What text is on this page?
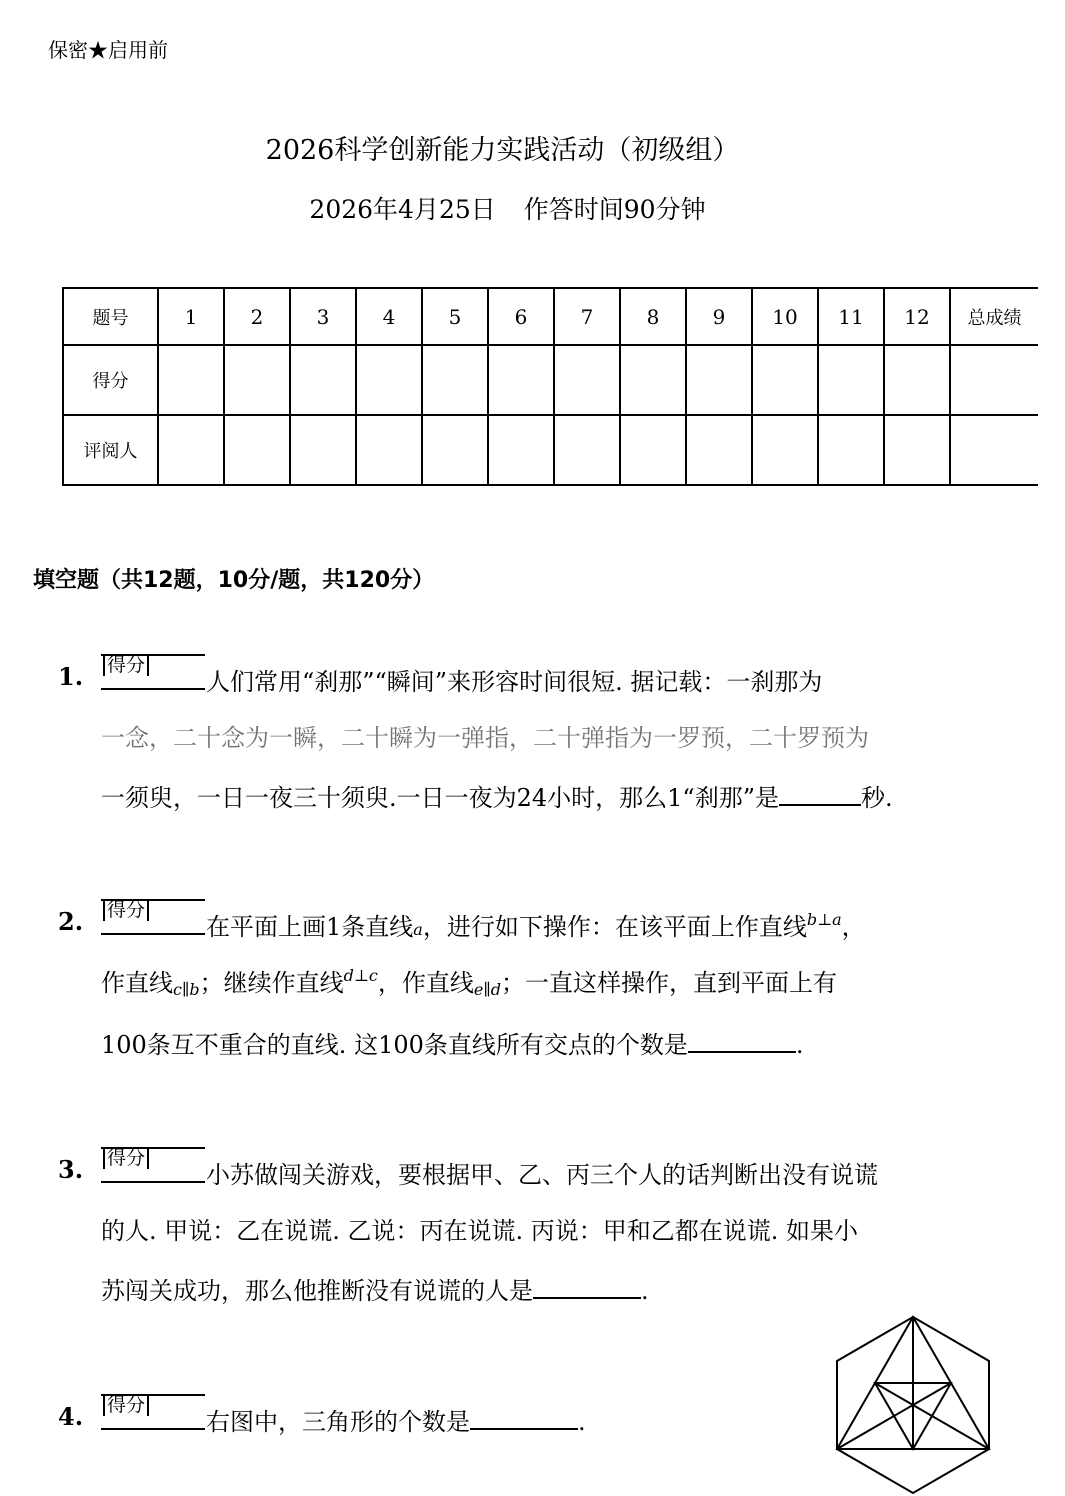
保密★启用前
2026科学创新能力实践活动（初级组）
2026年4月25日 作答时间90分钟
题号	1	2	3	4	5	6	7	8	9	10	11	12	总成绩
得分													
评阅人													
填空题（共12题，10分/题，共120分）
1. 得分
人们常用“刹那”“瞬间”来形容时间很短. 据记载：一刹那为
一念，二十念为一瞬，二十瞬为一弹指，二十弹指为一罗预，二十罗预为
一须臾，一日一夜三十须臾.一日一夜为24小时，那么1“刹那”是	秒.
2. 得分
在平面上画1条直线a，进行如下操作：在该平面上作直线$^{b\perp a}$，
作直线$_{c\parallel b}$；继续作直线$^{d\perp c}$，作直线$_{e\parallel d}$；一直这样操作，直到平面上有
100条互不重合的直线. 这100条直线所有交点的个数是	.
3. 得分
小苏做闯关游戏，要根据甲、乙、丙三个人的话判断出没有说谎
的人. 甲说：乙在说谎. 乙说：丙在说谎. 丙说：甲和乙都在说谎. 如果小
苏闯关成功，那么他推断没有说谎的人是	.
4. 得分
右图中，三角形的个数是	.
